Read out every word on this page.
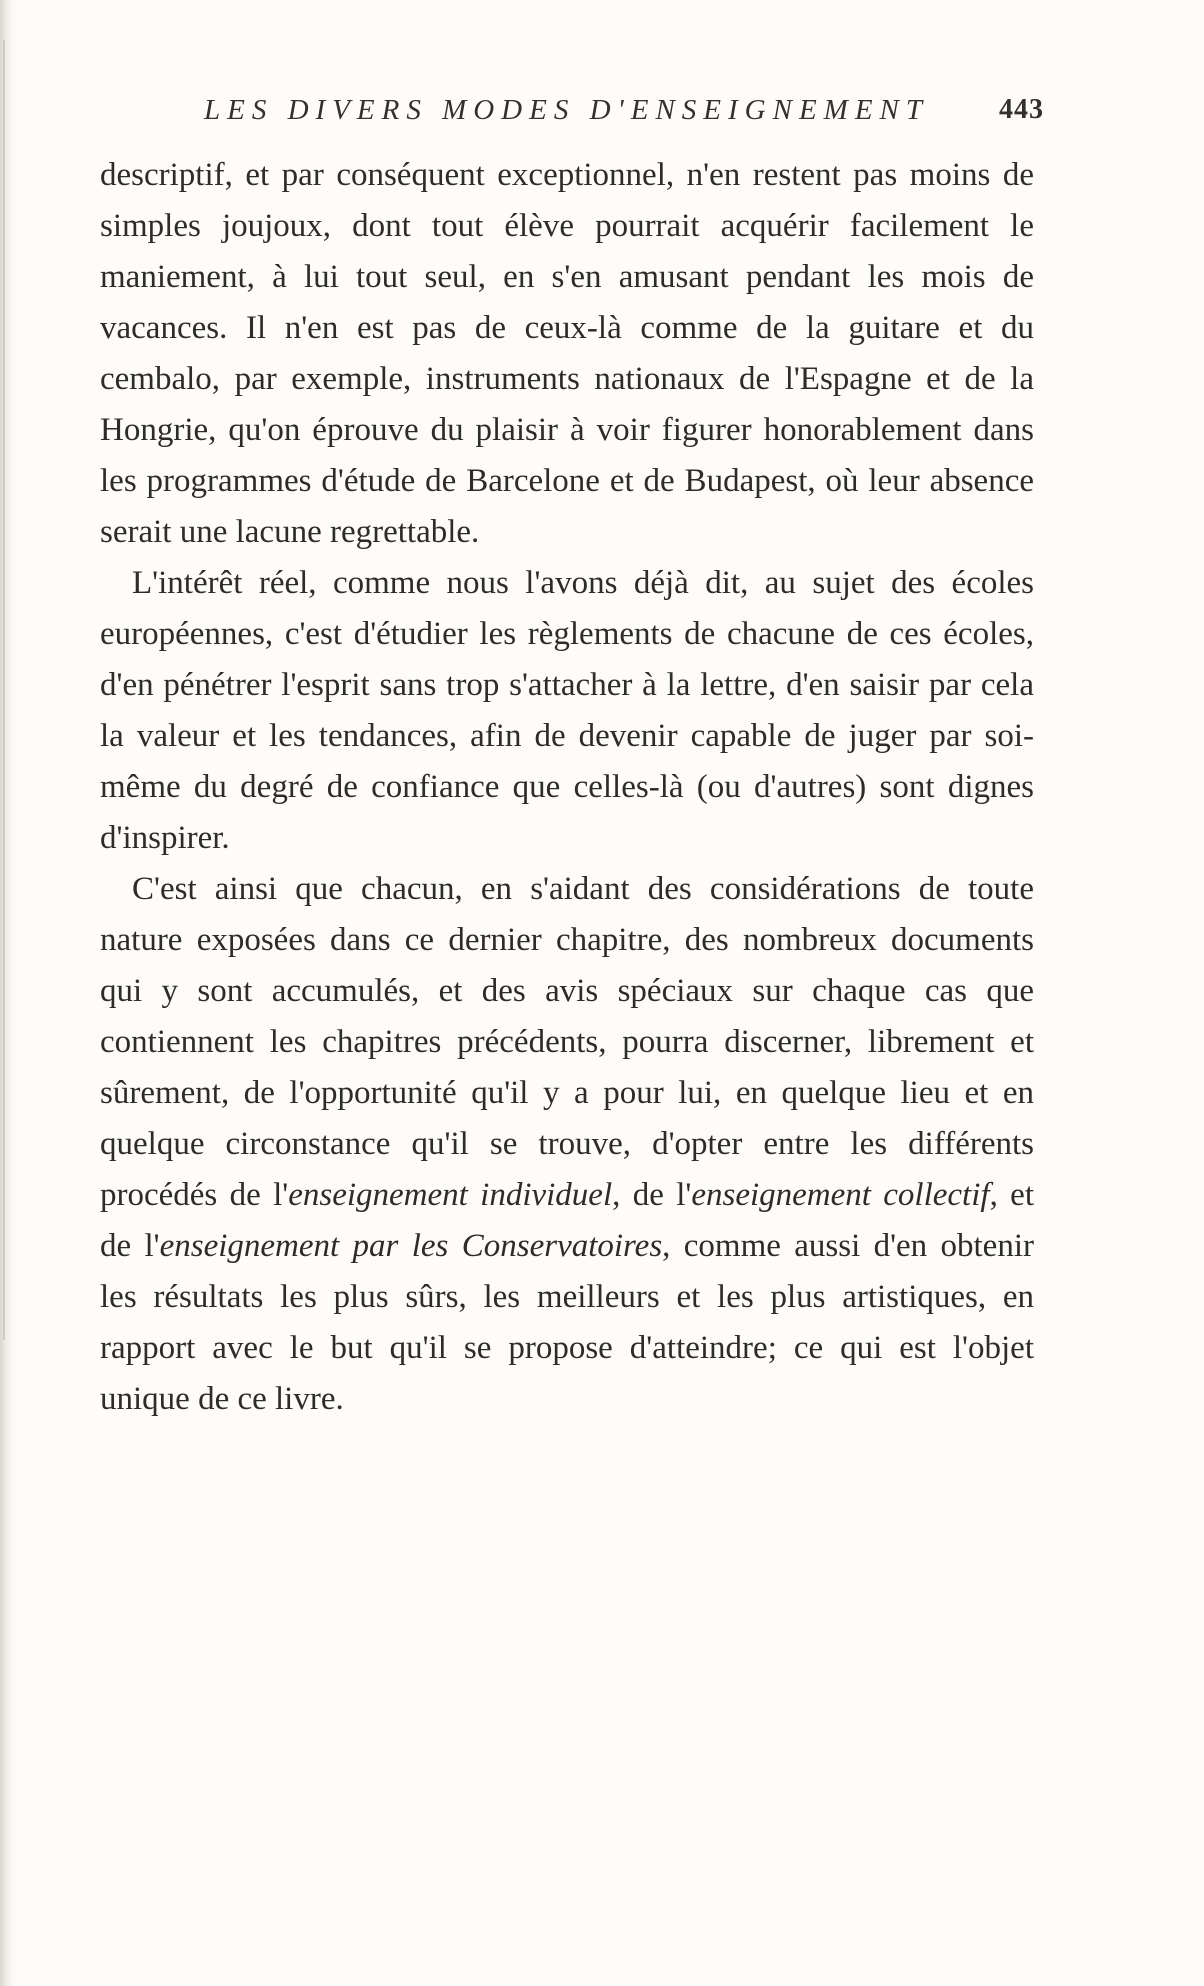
LES DIVERS MODES D'ENSEIGNEMENT 443

descriptif, et par conséquent exceptionnel, n'en restent pas moins de simples joujoux, dont tout élève pourrait acquérir facilement le maniement, à lui tout seul, en s'en amusant pendant les mois de vacances. Il n'en est pas de ceux-là comme de la guitare et du cembalo, par exemple, instruments nationaux de l'Espagne et de la Hongrie, qu'on éprouve du plaisir à voir figurer honorablement dans les programmes d'étude de Barcelone et de Budapest, où leur absence serait une lacune regrettable.

L'intérêt réel, comme nous l'avons déjà dit, au sujet des écoles européennes, c'est d'étudier les règlements de chacune de ces écoles, d'en pénétrer l'esprit sans trop s'attacher à la lettre, d'en saisir par cela la valeur et les tendances, afin de devenir capable de juger par soi-même du degré de confiance que celles-là (ou d'autres) sont dignes d'inspirer.

C'est ainsi que chacun, en s'aidant des considérations de toute nature exposées dans ce dernier chapitre, des nombreux documents qui y sont accumulés, et des avis spéciaux sur chaque cas que contiennent les chapitres précédents, pourra discerner, librement et sûrement, de l'opportunité qu'il y a pour lui, en quelque lieu et en quelque circonstance qu'il se trouve, d'opter entre les différents procédés de l'enseignement individuel, de l'enseignement collectif, et de l'enseignement par les Conservatoires, comme aussi d'en obtenir les résultats les plus sûrs, les meilleurs et les plus artistiques, en rapport avec le but qu'il se propose d'atteindre; ce qui est l'objet unique de ce livre.
